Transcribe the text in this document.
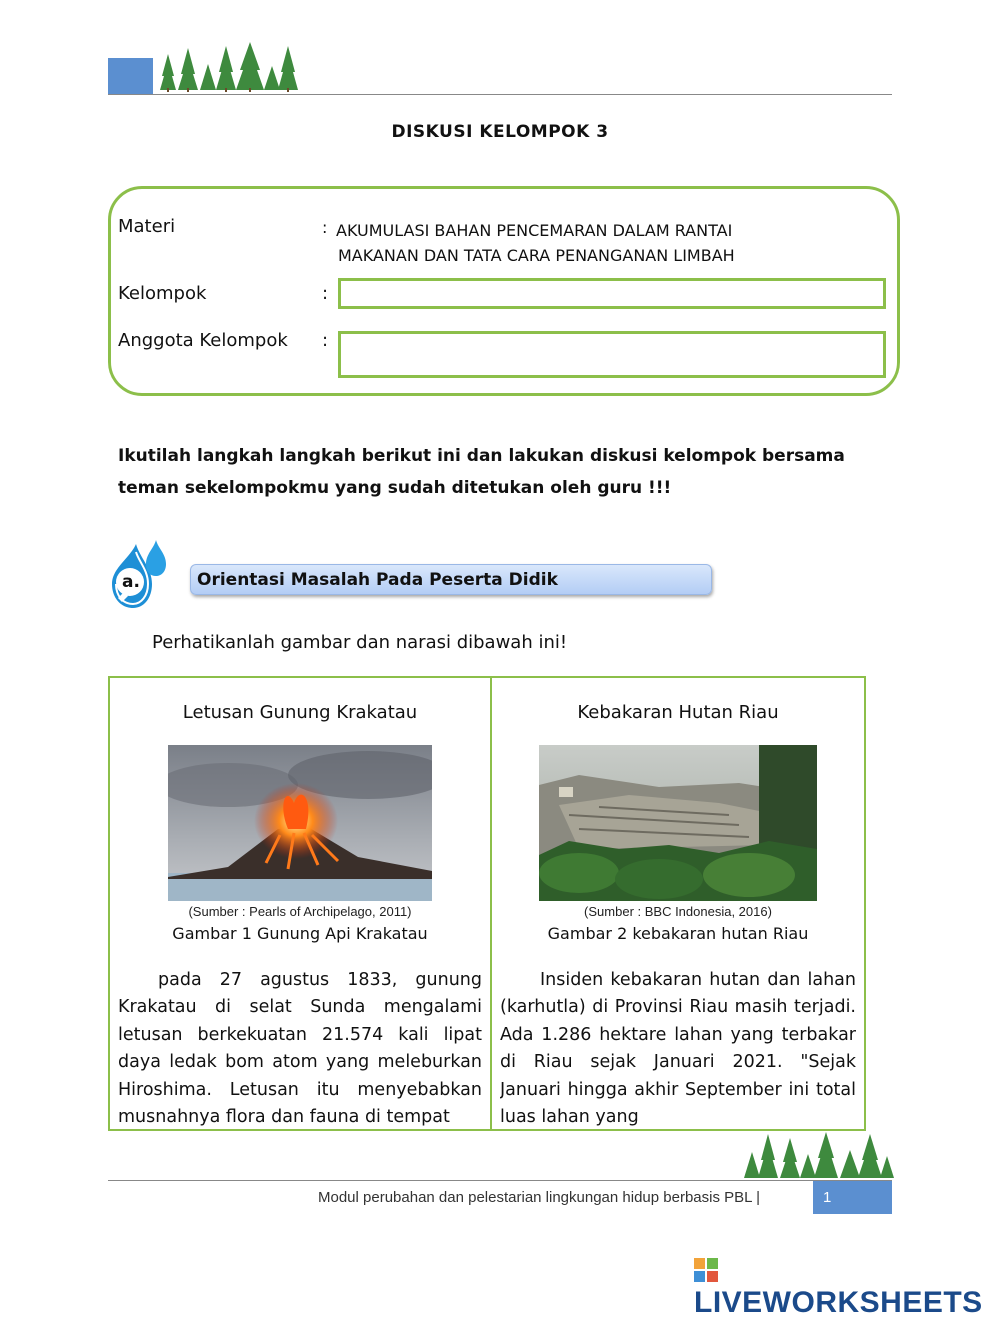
DISKUSI KELOMPOK 3
Materi	: AKUMULASI BAHAN PENCEMARAN DALAM RANTAI
MAKANAN DAN TATA CARA PENANGANAN LIMBAH
Kelompok	:
Anggota Kelompok :
Ikutilah langkah langkah berikut ini dan lakukan diskusi kelompok bersama teman sekelompokmu yang sudah ditetukan oleh guru !!!
a.	Orientasi Masalah Pada Peserta Didik
Perhatikanlah gambar dan narasi dibawah ini!
Letusan Gunung Krakatau
(Sumber : Pearls of Archipelago, 2011)
Gambar 1 Gunung Api Krakatau

pada 27 agustus 1833, gunung Krakatau di selat Sunda mengalami letusan berkekuatan 21.574 kali lipat daya ledak bom atom yang meleburkan Hiroshima. Letusan itu menyebabkan musnahnya flora dan fauna di tempat

Kebakaran Hutan Riau
(Sumber : BBC Indonesia, 2016)
Gambar 2 kebakaran hutan Riau

Insiden kebakaran hutan dan lahan (karhutla) di Provinsi Riau masih terjadi. Ada 1.286 hektare lahan yang terbakar di Riau sejak Januari 2021. "Sejak Januari hingga akhir September ini total luas lahan yang

Modul perubahan dan pelestarian lingkungan hidup berbasis PBL |	1
LIVEWORKSHEETS
